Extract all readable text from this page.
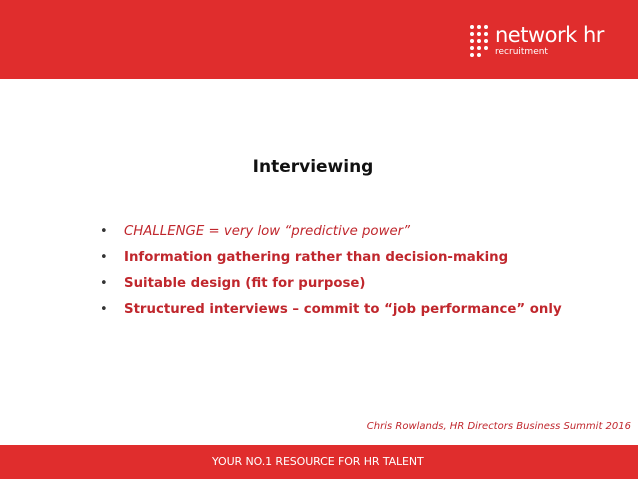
network hr
recruitment
Interviewing
•	CHALLENGE = very low “predictive power”
•	Information gathering rather than decision-making
•	Suitable design (fit for purpose)
•	Structured interviews – commit to “job performance” only
Chris Rowlands, HR Directors Business Summit 2016
YOUR NO.1 RESOURCE FOR HR TALENT
